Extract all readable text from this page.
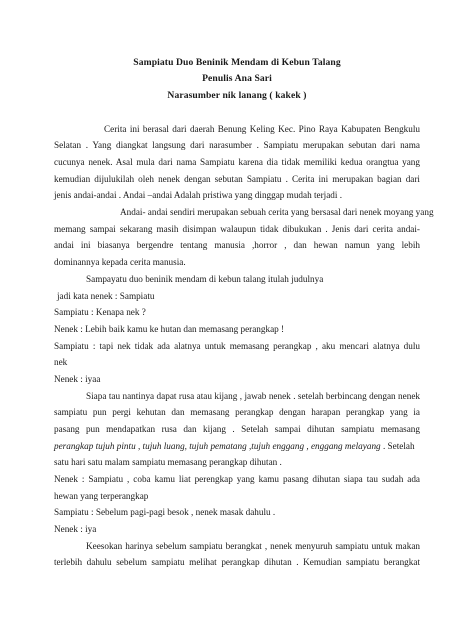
Sampiatu Duo Beninik Mendam di Kebun Talang
Penulis Ana Sari
Narasumber nik lanang ( kakek )
Cerita ini berasal dari daerah Benung Keling Kec. Pino Raya Kabupaten Bengkulu
Selatan . Yang diangkat langsung dari narasumber . Sampiatu merupakan sebutan dari nama
cucunya nenek. Asal mula dari nama Sampiatu karena dia tidak memiliki kedua orangtua yang
kemudian dijulukilah oleh nenek dengan sebutan Sampiatu . Cerita ini merupakan bagian dari
jenis andai-andai . Andai –andai Adalah pristiwa yang dinggap mudah terjadi .
Andai- andai sendiri merupakan sebuah cerita yang bersasal dari nenek moyang yang
memang sampai sekarang masih disimpan walaupun tidak dibukukan . Jenis dari cerita andai-
andai ini biasanya bergendre tentang manusia ,horror , dan hewan namun yang lebih
dominannya kepada cerita manusia.
Sampayatu duo beninik mendam di kebun talang itulah judulnya
jadi kata nenek : Sampiatu
Sampiatu : Kenapa nek ?
Nenek : Lebih baik kamu ke hutan dan memasang perangkap !
Sampiatu : tapi nek tidak ada alatnya untuk memasang perangkap , aku mencari alatnya dulu
nek
Nenek : iyaa
Siapa tau nantinya dapat rusa atau kijang , jawab nenek . setelah berbincang dengan nenek
sampiatu pun pergi kehutan dan memasang perangkap dengan harapan perangkap yang ia
pasang pun mendapatkan rusa dan kijang . Setelah sampai dihutan sampiatu memasang
perangkap tujuh pintu , tujuh luang, tujuh pematang ,tujuh enggang , enggang melayang . Setelah
satu hari satu malam sampiatu memasang perangkap dihutan .
Nenek : Sampiatu , coba kamu liat perengkap yang kamu pasang dihutan siapa tau sudah ada
hewan yang terperangkap
Sampiatu : Sebelum pagi-pagi besok , nenek masak dahulu .
Nenek : iya
Keesokan harinya sebelum sampiatu berangkat , nenek menyuruh sampiatu untuk makan
terlebih dahulu sebelum sampiatu melihat perangkap dihutan . Kemudian sampiatu berangkat
